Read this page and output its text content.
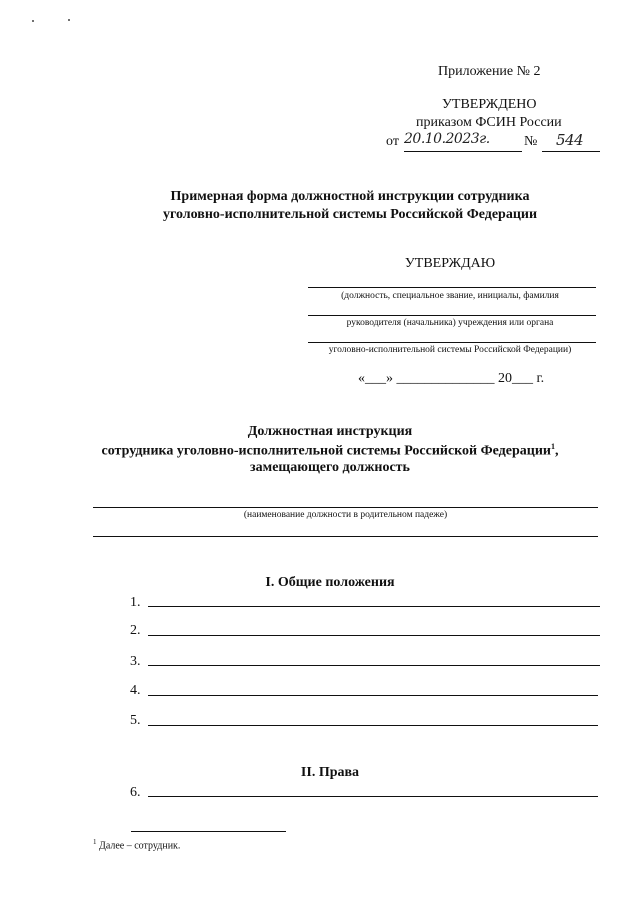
Приложение № 2
УТВЕРЖДЕНО
приказом ФСИН России
от 20.10.2023г.	№ 544
Примерная форма должностной инструкции сотрудника
уголовно-исполнительной системы Российской Федерации
УТВЕРЖДАЮ
(должность, специальное звание, инициалы, фамилия
руководителя (начальника) учреждения или органа
уголовно-исполнительной системы Российской Федерации)
«___» ______________ 20___ г.
Должностная инструкция
сотрудника уголовно-исполнительной системы Российской Федерации$^1$,
замещающего должность
(наименование должности в родительном падеже)
I. Общие положения
1.
2.
3.
4.
5.
II. Права
6.
$^1$ Далее – сотрудник.
